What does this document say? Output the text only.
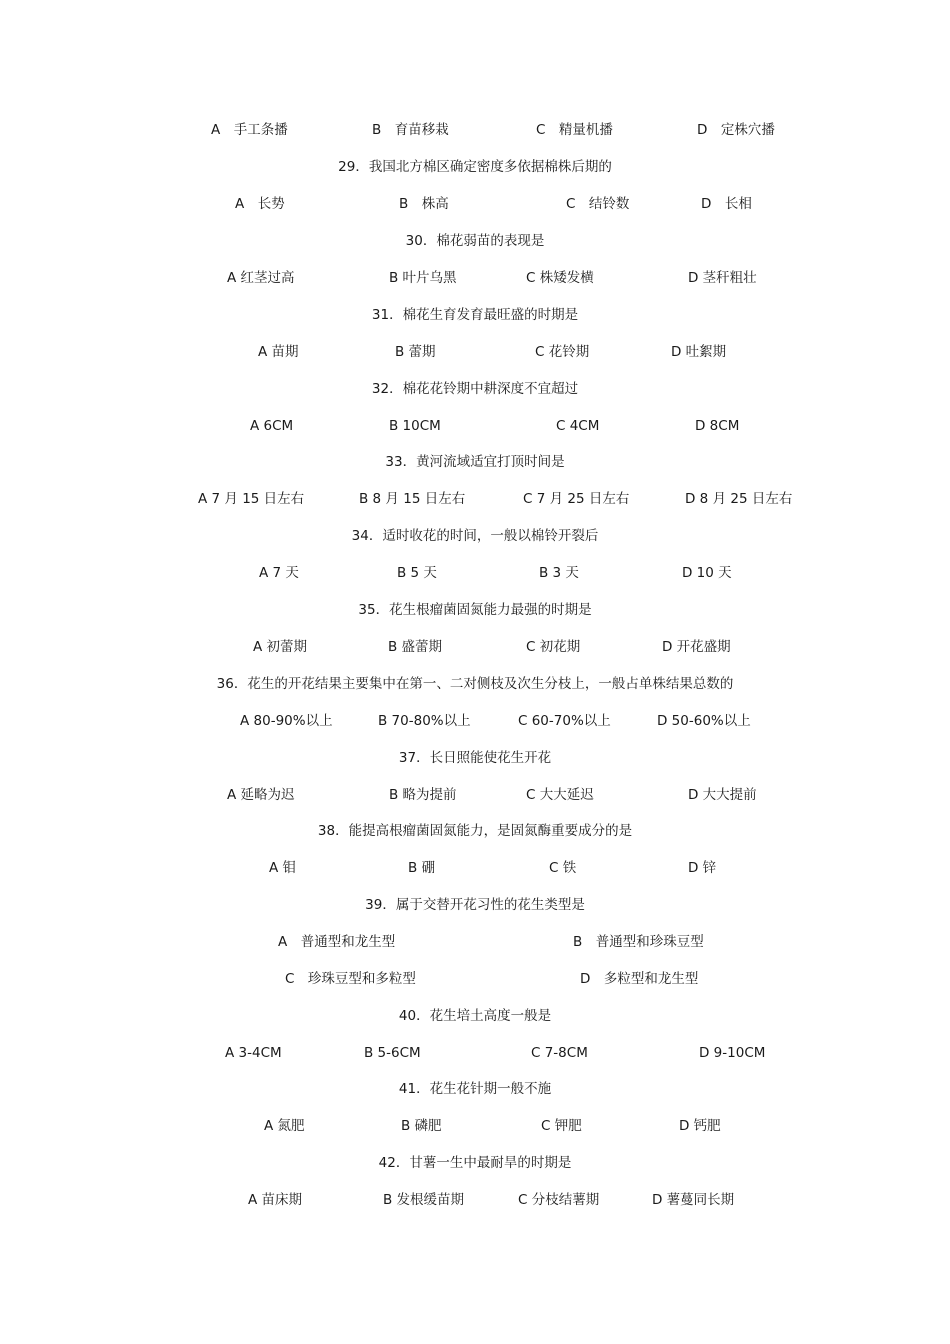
A　手工条播	B　育苗移栽	C　精量机播	D　定株穴播
29．我国北方棉区确定密度多依据棉株后期的
A　长势	B　株高	C　结铃数	D　长相
30．棉花弱苗的表现是
A 红茎过高	B 叶片乌黑	C 株矮发横	D 茎秆粗壮
31．棉花生育发育最旺盛的时期是
A 苗期	B 蕾期	C 花铃期	D 吐絮期
32．棉花花铃期中耕深度不宜超过
A 6CM	B 10CM	C 4CM	D 8CM
33．黄河流域适宜打顶时间是
A 7 月 15 日左右	B 8 月 15 日左右	C 7 月 25 日左右	D 8 月 25 日左右
34．适时收花的时间，一般以棉铃开裂后
A 7 天	B 5 天	B 3 天	D 10 天
35．花生根瘤菌固氮能力最强的时期是
A 初蕾期	B 盛蕾期	C 初花期	D 开花盛期
36．花生的开花结果主要集中在第一、二对侧枝及次生分枝上，一般占单株结果总数的
A 80-90%以上	B 70-80%以上	C 60-70%以上	D 50-60%以上
37．长日照能使花生开花
A 延略为迟	B 略为提前	C 大大延迟	D 大大提前
38．能提高根瘤菌固氮能力，是固氮酶重要成分的是
A 钼	B 硼	C 铁	D 锌
39．属于交替开花习性的花生类型是
A　普通型和龙生型	B　普通型和珍珠豆型
C　珍珠豆型和多粒型	D　多粒型和龙生型
40．花生培土高度一般是
A 3-4CM	B 5-6CM	C 7-8CM	D 9-10CM
41．花生花针期一般不施
A 氮肥	B 磷肥	C 钾肥	D 钙肥
42．甘薯一生中最耐旱的时期是
A 苗床期	B 发根缓苗期	C 分枝结薯期	D 薯蔓同长期
